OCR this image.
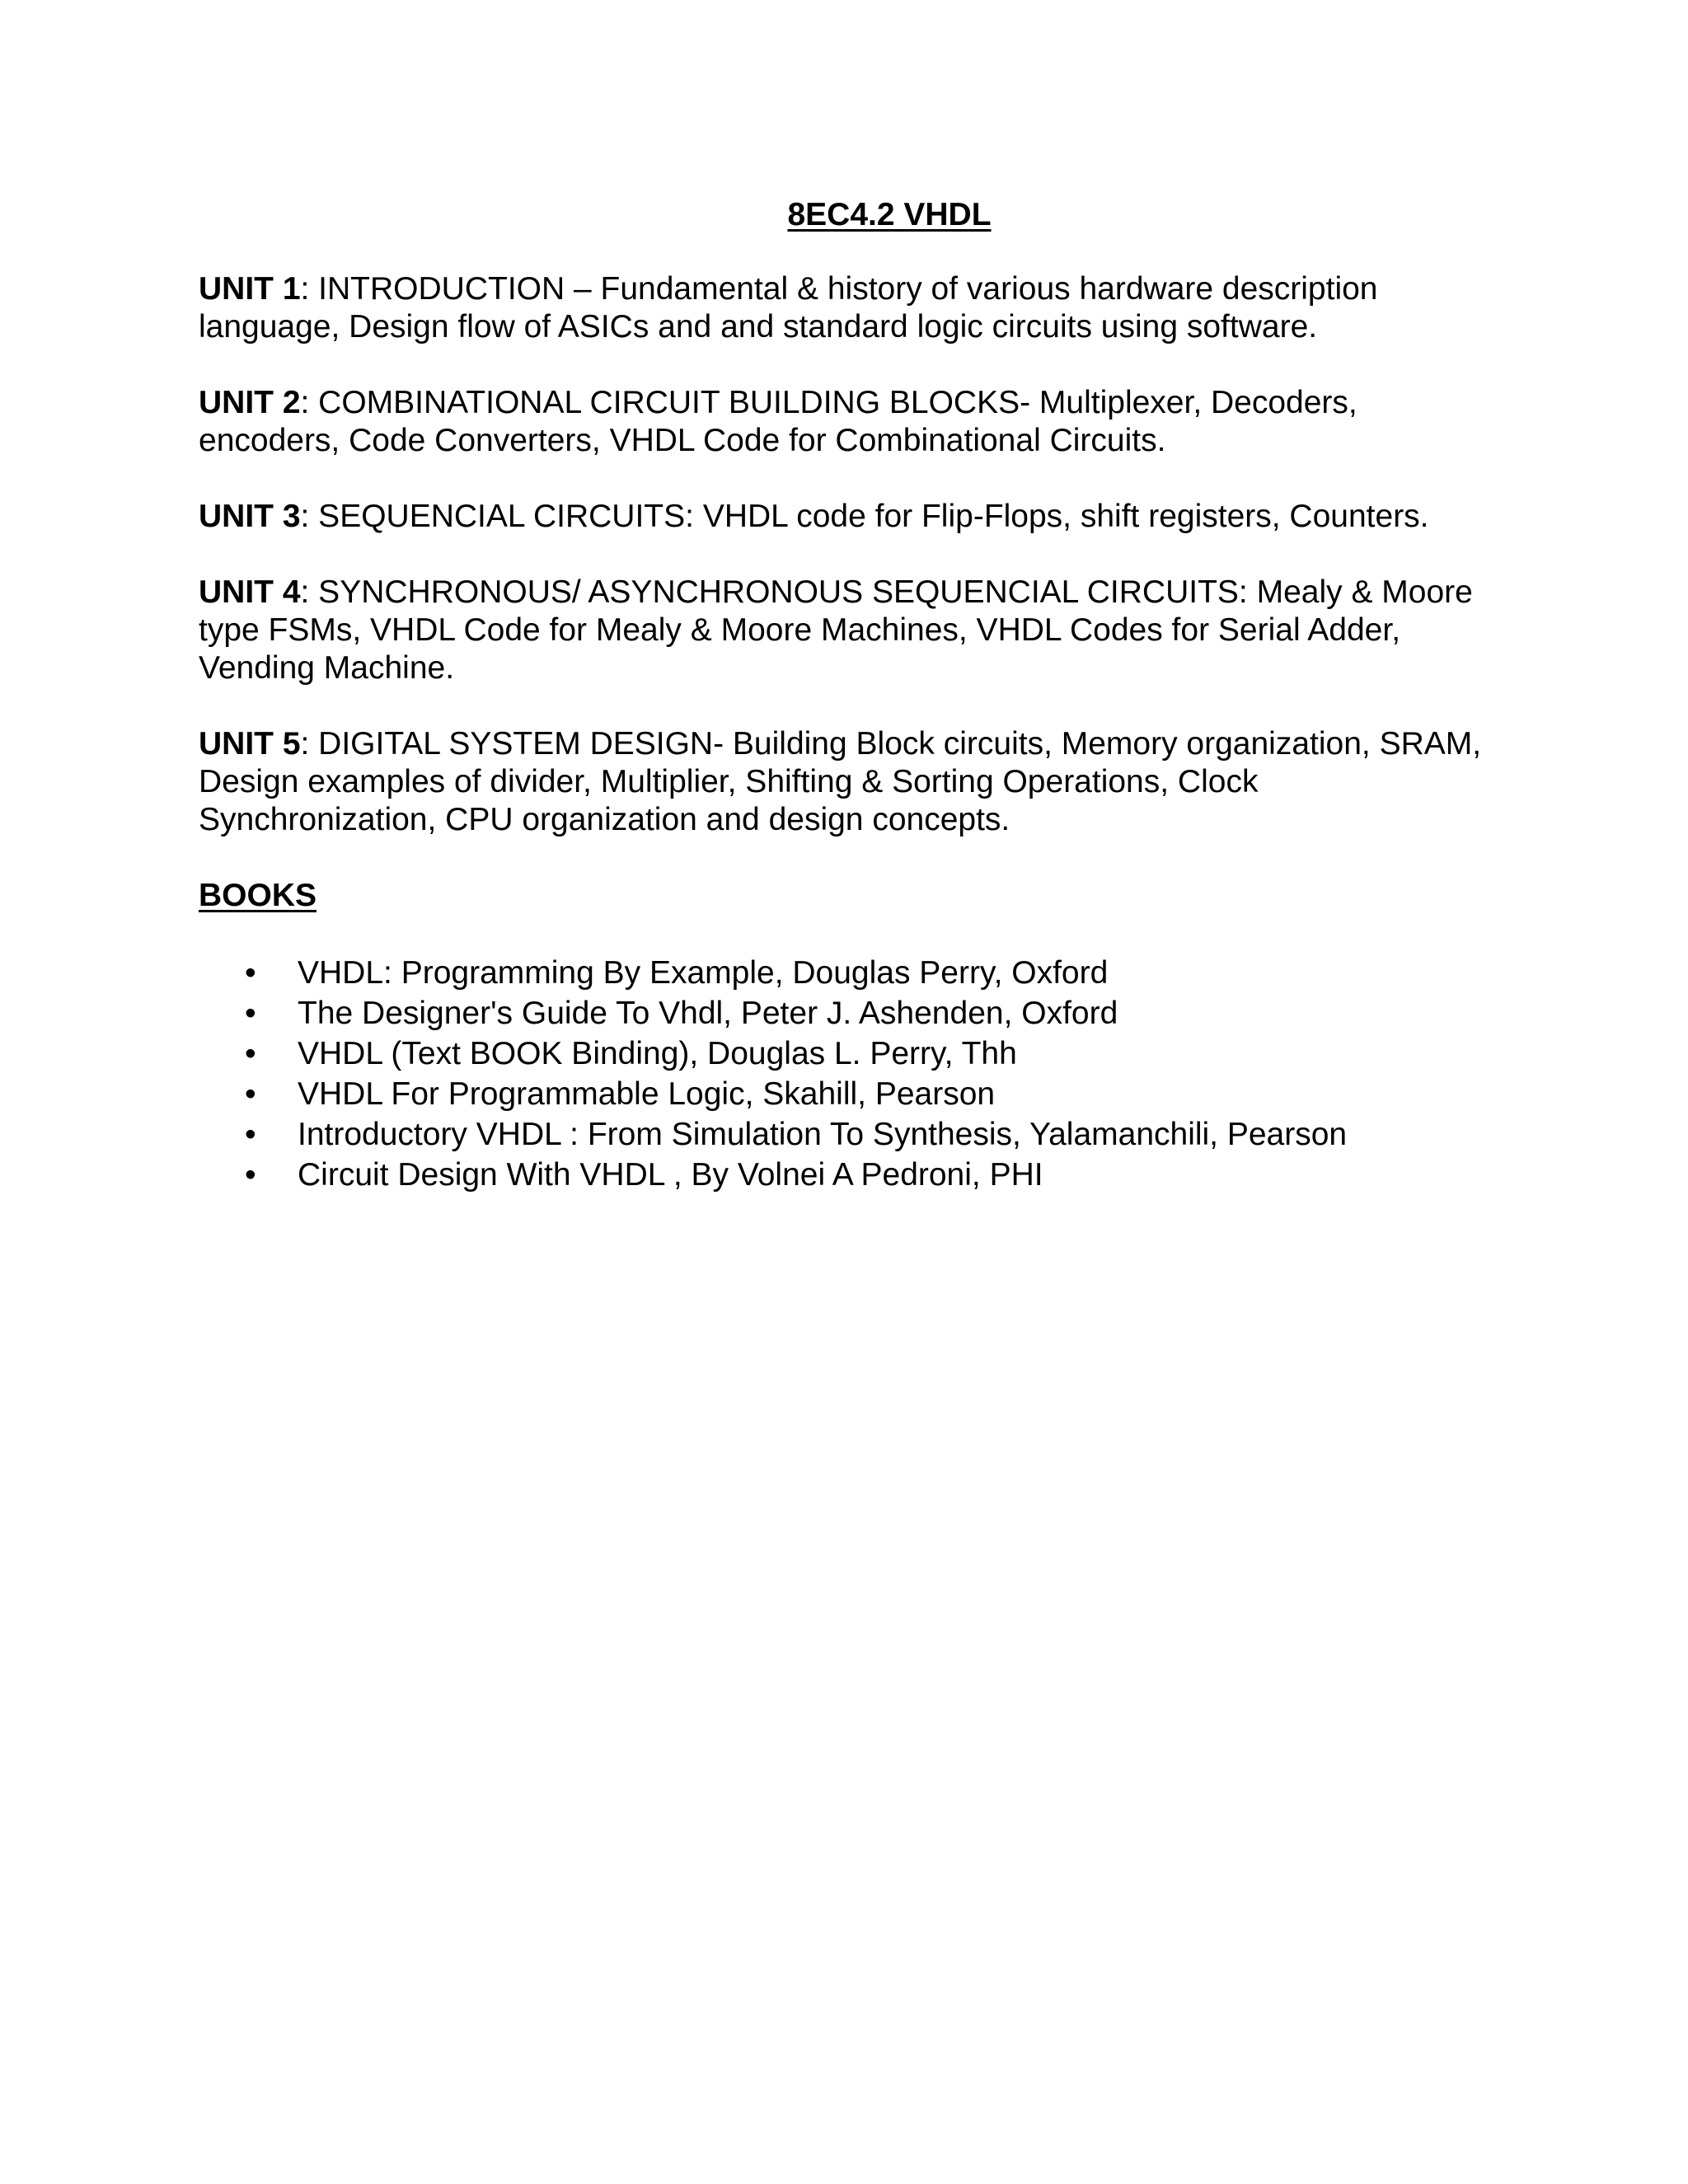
8EC4.2 VHDL

UNIT 1: INTRODUCTION – Fundamental & history of various hardware description language, Design flow of ASICs and and standard logic circuits using software.

UNIT 2: COMBINATIONAL CIRCUIT BUILDING BLOCKS- Multiplexer, Decoders, encoders, Code Converters, VHDL Code for Combinational Circuits.

UNIT 3: SEQUENCIAL CIRCUITS: VHDL code for Flip-Flops, shift registers, Counters.

UNIT 4: SYNCHRONOUS/ ASYNCHRONOUS SEQUENCIAL CIRCUITS: Mealy & Moore type FSMs, VHDL Code for Mealy & Moore Machines, VHDL Codes for Serial Adder, Vending Machine.

UNIT 5: DIGITAL SYSTEM DESIGN- Building Block circuits, Memory organization, SRAM, Design examples of divider, Multiplier, Shifting & Sorting Operations, Clock Synchronization, CPU organization and design concepts.

BOOKS

• VHDL: Programming By Example, Douglas Perry, Oxford
• The Designer's Guide To Vhdl, Peter J. Ashenden, Oxford
• VHDL (Text BOOK Binding), Douglas L. Perry, Thh
• VHDL For Programmable Logic, Skahill, Pearson
• Introductory VHDL : From Simulation To Synthesis, Yalamanchili, Pearson
• Circuit Design With VHDL , By Volnei A Pedroni, PHI
